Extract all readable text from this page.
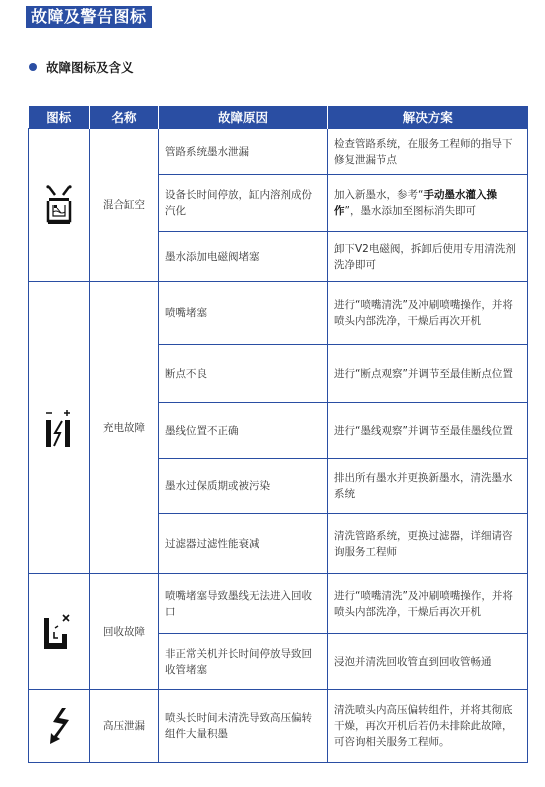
故障及警告图标
故障图标及含义
图标	名称	故障原因	解决方案

	混合缸空	管路系统墨水泄漏	检查管路系统，在服务工程师的指导下修复泄漏节点
		设备长时间停放，缸内溶剂成份汽化	加入新墨水，参考“手动墨水灌入操作”，墨水添加至图标消失即可
		墨水添加电磁阀堵塞	卸下V2电磁阀，拆卸后使用专用清洗剂洗净即可

	充电故障	喷嘴堵塞	进行“喷嘴清洗”及冲刷喷嘴操作，并将喷头内部洗净，干燥后再次开机
		断点不良	进行“断点观察”并调节至最佳断点位置
		墨线位置不正确	进行“墨线观察”并调节至最佳墨线位置
		墨水过保质期或被污染	排出所有墨水并更换新墨水，清洗墨水系统
		过滤器过滤性能衰减	清洗管路系统，更换过滤器，详细请咨询服务工程师

	回收故障	喷嘴堵塞导致墨线无法进入回收口	进行“喷嘴清洗”及冲刷喷嘴操作，并将喷头内部洗净，干燥后再次开机
		非正常关机并长时间停放导致回收管堵塞	浸泡并清洗回收管直到回收管畅通

	高压泄漏	喷头长时间未清洗导致高压偏转组件大量积墨	清洗喷头内高压偏转组件，并将其彻底干燥，再次开机后若仍未排除此故障，可咨询相关服务工程师。
